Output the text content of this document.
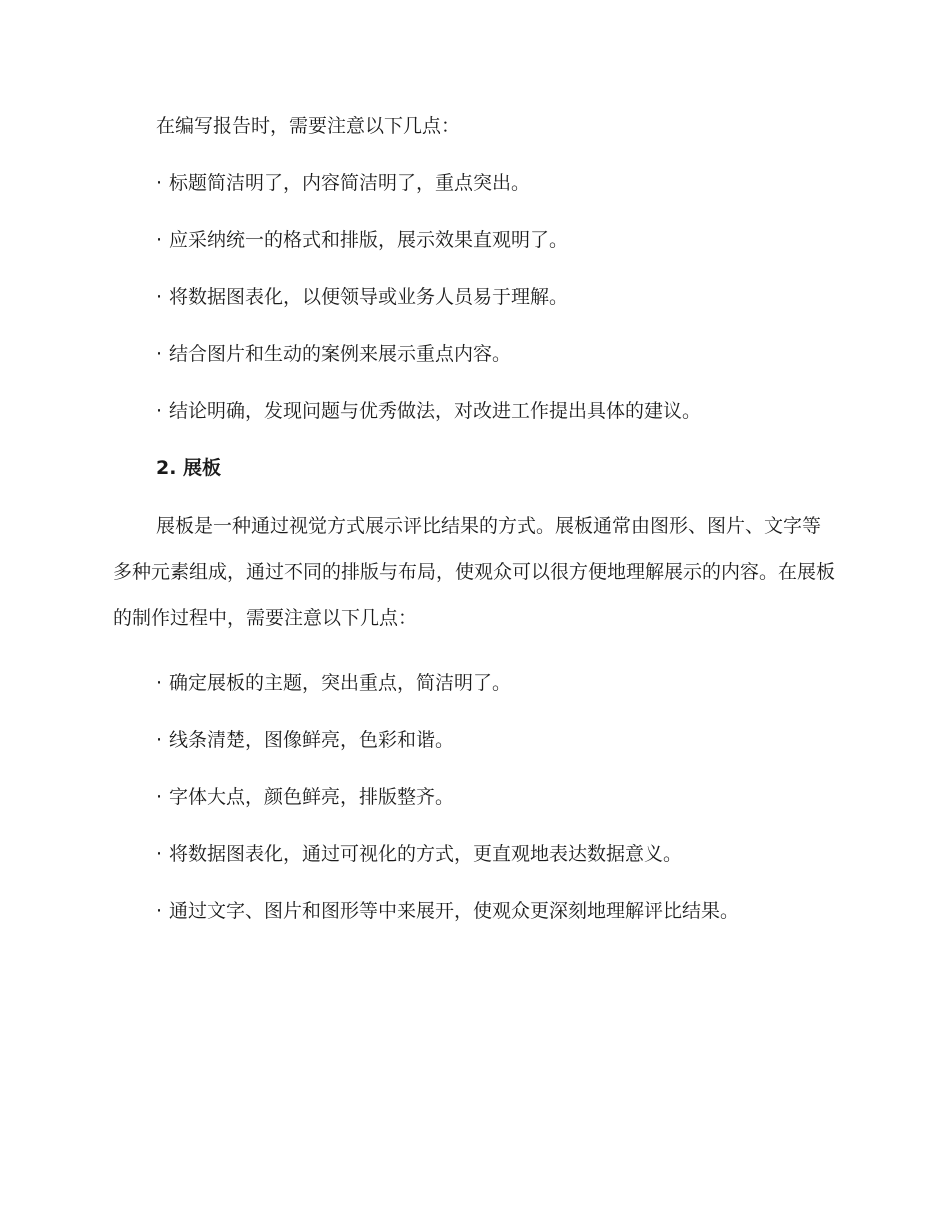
在编写报告时，需要注意以下几点：

· 标题简洁明了，内容简洁明了，重点突出。
· 应采纳统一的格式和排版，展示效果直观明了。
· 将数据图表化，以便领导或业务人员易于理解。
· 结合图片和生动的案例来展示重点内容。
· 结论明确，发现问题与优秀做法，对改进工作提出具体的建议。
2. 展板

展板是一种通过视觉方式展示评比结果的方式。展板通常由图形、图片、文字等多种元素组成，通过不同的排版与布局，使观众可以很方便地理解展示的内容。在展板的制作过程中，需要注意以下几点：

· 确定展板的主题，突出重点，简洁明了。
· 线条清楚，图像鲜亮，色彩和谐。
· 字体大点，颜色鲜亮，排版整齐。
· 将数据图表化，通过可视化的方式，更直观地表达数据意义。
· 通过文字、图片和图形等中来展开，使观众更深刻地理解评比结果。
